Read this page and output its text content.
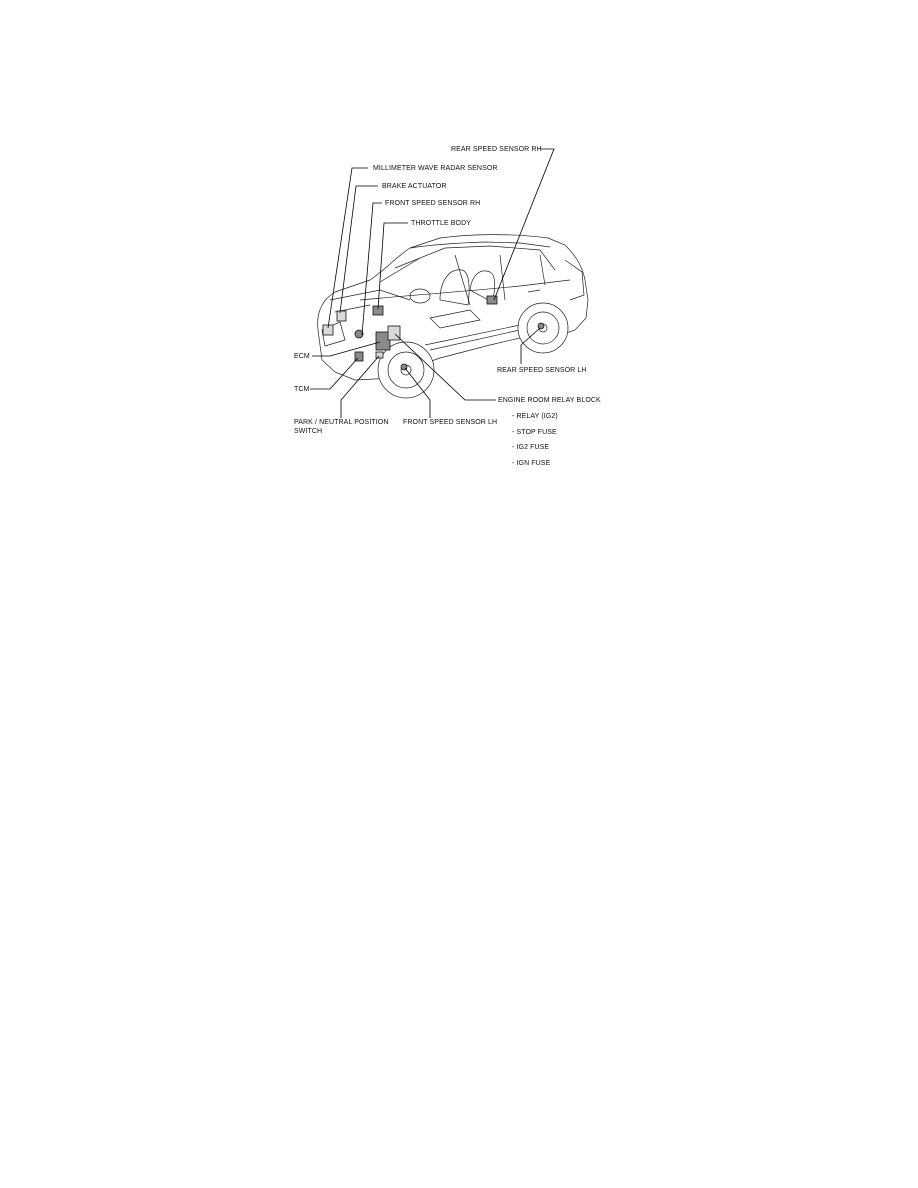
REAR SPEED SENSOR RH
MILLIMETER WAVE RADAR SENSOR
BRAKE ACTUATOR
FRONT SPEED SENSOR RH
THROTTLE BODY
ECM
TCM
PARK / NEUTRAL POSITION SWITCH
FRONT SPEED SENSOR LH
REAR SPEED SENSOR LH
ENGINE ROOM RELAY BLOCK
- RELAY (IG2)
- STOP FUSE
- IG2 FUSE
- IGN FUSE
